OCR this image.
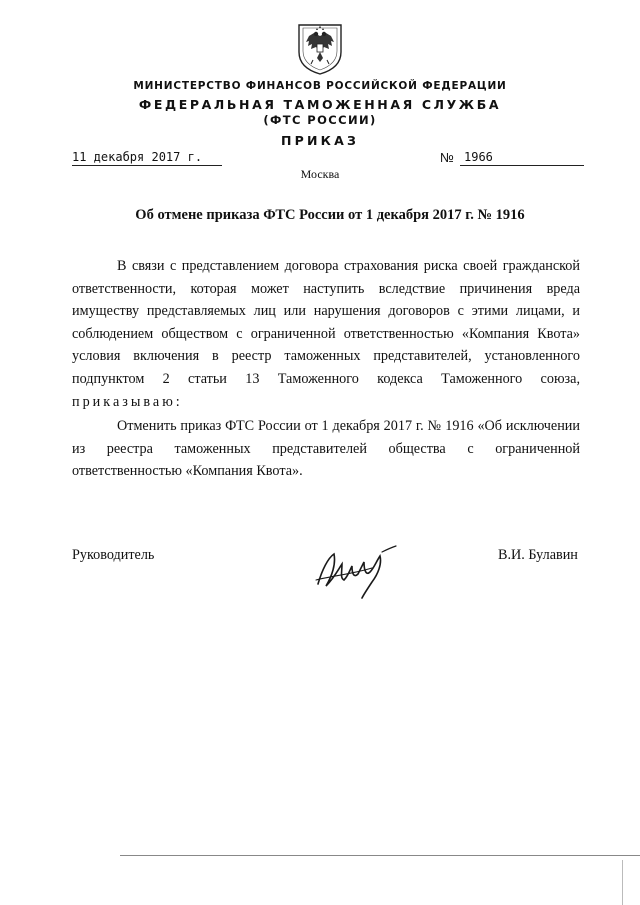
МИНИСТЕРСТВО ФИНАНСОВ РОССИЙСКОЙ ФЕДЕРАЦИИ
ФЕДЕРАЛЬНАЯ ТАМОЖЕННАЯ СЛУЖБА
(ФТС РОССИИ)
ПРИКАЗ
11 декабря 2017 г.	№ 1966
Москва
Об отмене приказа ФТС России от 1 декабря 2017 г. № 1916

В связи с представлением договора страхования риска своей гражданской ответственности, которая может наступить вследствие причинения вреда имуществу представляемых лиц или нарушения договоров с этими лицами, и соблюдением обществом с ограниченной ответственностью «Компания Квота» условия включения в реестр таможенных представителей, установленного подпунктом 2 статьи 13 Таможенного кодекса Таможенного союза, приказываю:

Отменить приказ ФТС России от 1 декабря 2017 г. № 1916 «Об исключении из реестра таможенных представителей общества с ограниченной ответственностью «Компания Квота».

Руководитель	В.И. Булавин
